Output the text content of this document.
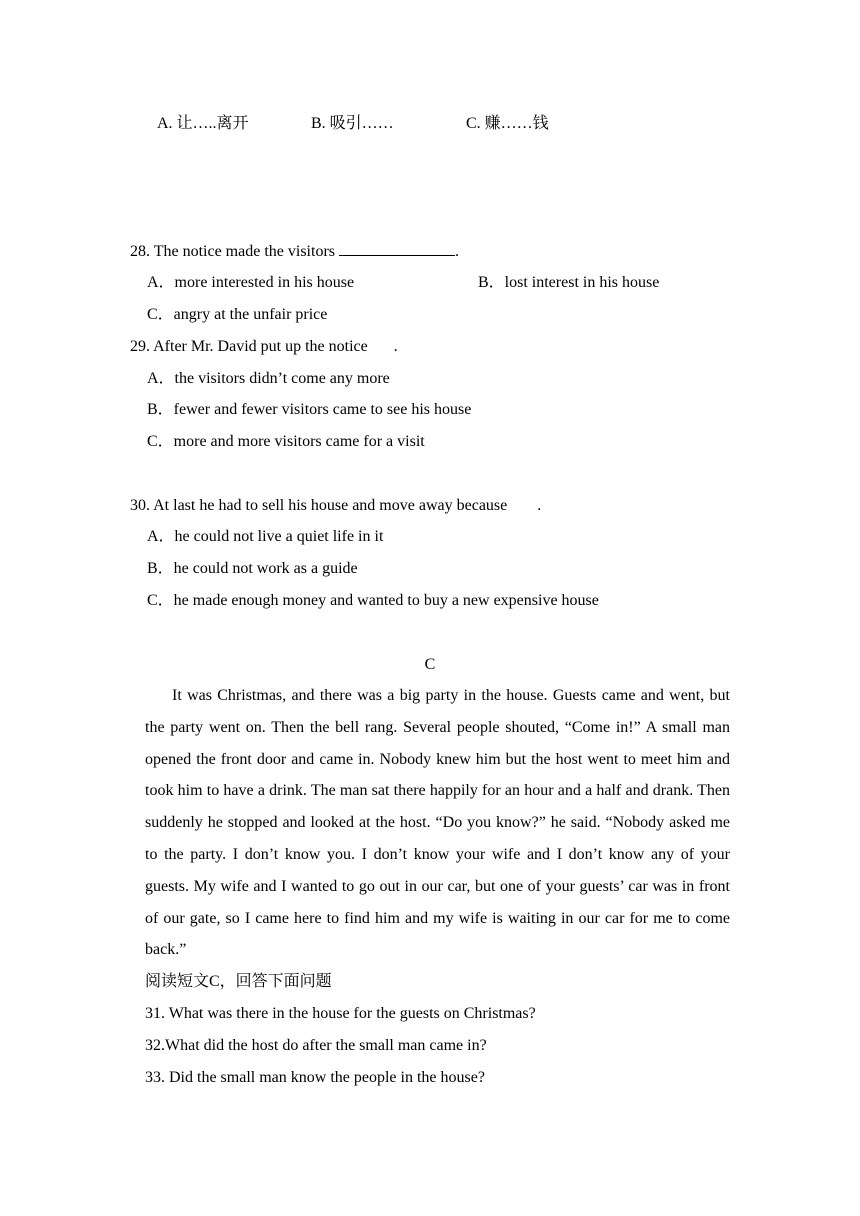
A. 让…..离开	B. 吸引……	C. 赚……钱
28. The notice made the visitors	.
A．more interested in his house	B．lost interest in his house
C．angry at the unfair price
29. After Mr. David put up the notice .
A．the visitors didn’t come any more
B．fewer and fewer visitors came to see his house
C．more and more visitors came for a visit
30. At last he had to sell his house and move away because .
A．he could not live a quiet life in it
B．he could not work as a guide
C．he made enough money and wanted to buy a new expensive house
C
It was Christmas, and there was a big party in the house. Guests came and went, but the party went on. Then the bell rang. Several people shouted, “Come in!” A small man opened the front door and came in. Nobody knew him but the host went to meet him and took him to have a drink. The man sat there happily for an hour and a half and drank. Then suddenly he stopped and looked at the host. “Do you know?” he said. “Nobody asked me to the party. I don’t know you. I don’t know your wife and I don’t know any of your guests. My wife and I wanted to go out in our car, but one of your guests’ car was in front of our gate, so I came here to find him and my wife is waiting in our car for me to come back.”
阅读短文C，回答下面问题
31. What was there in the house for the guests on Christmas?
32.What did the host do after the small man came in?
33. Did the small man know the people in the house?
